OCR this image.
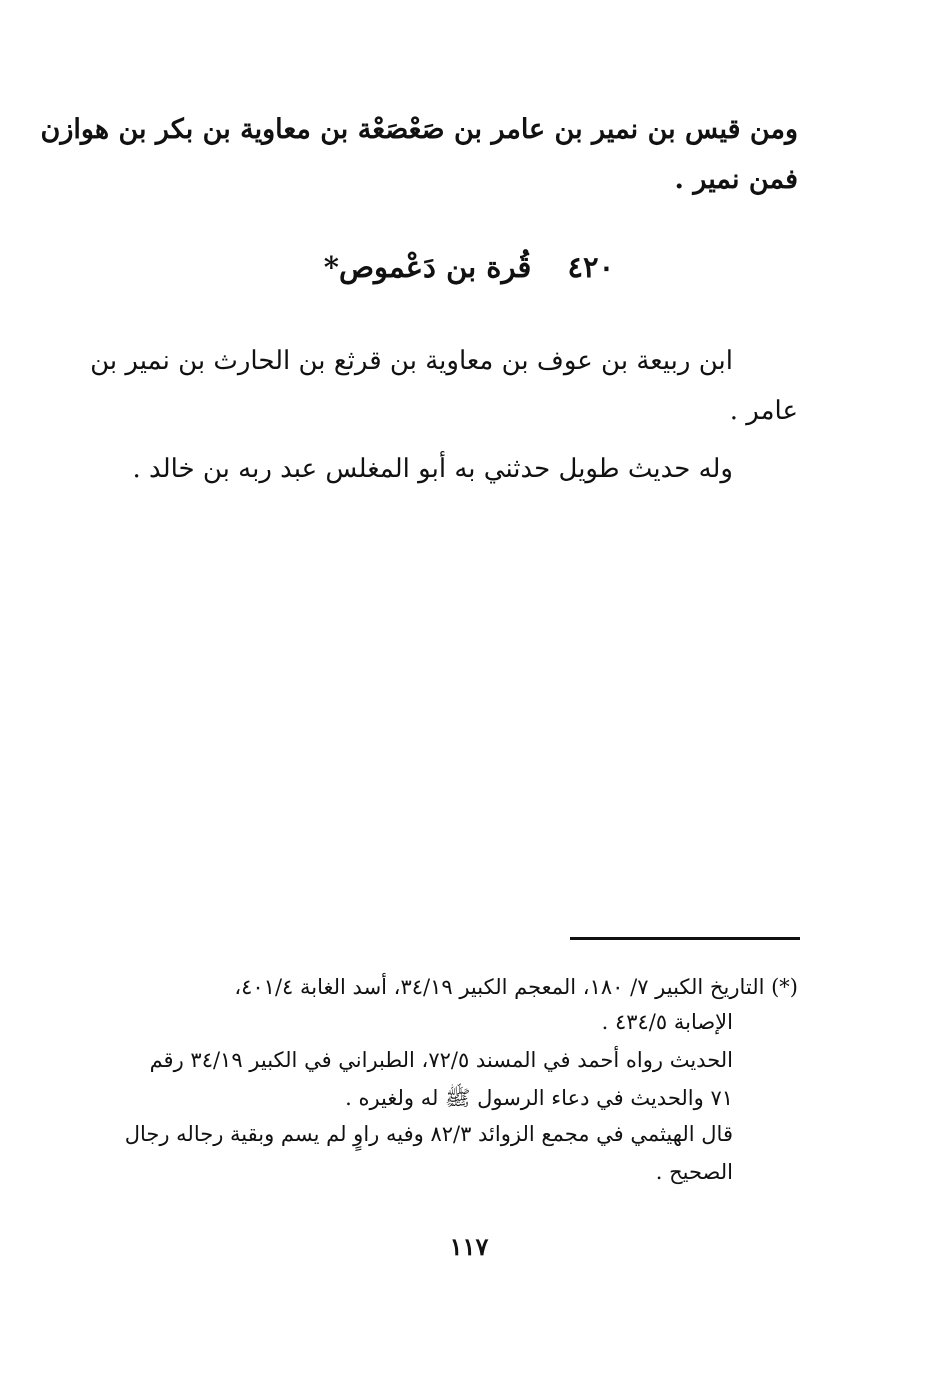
ومن قيس بن نمير بن عامر بن صَعْصَعْة بن معاوية بن بكر بن هوازن
فمن نمير .
٤٢٠ قُرة بن دَعْموص*
ابن ربيعة بن عوف بن معاوية بن قرثع بن الحارث بن نمير بن
عامر .
وله حديث طويل حدثني به أبو المغلس عبد ربه بن خالد .
(*) التاريخ الكبير ٧/ ١٨٠، المعجم الكبير ٣٤/١٩، أسد الغابة ٤٠١/٤،
الإصابة ٤٣٤/٥ .
الحديث رواه أحمد في المسند ٧٢/٥، الطبراني في الكبير ٣٤/١٩ رقم
٧١ والحديث في دعاء الرسول ﷺ له ولغيره .
قال الهيثمي في مجمع الزوائد ٨٢/٣ وفيه راوٍ لم يسم وبقية رجاله رجال
الصحيح .
١١٧
